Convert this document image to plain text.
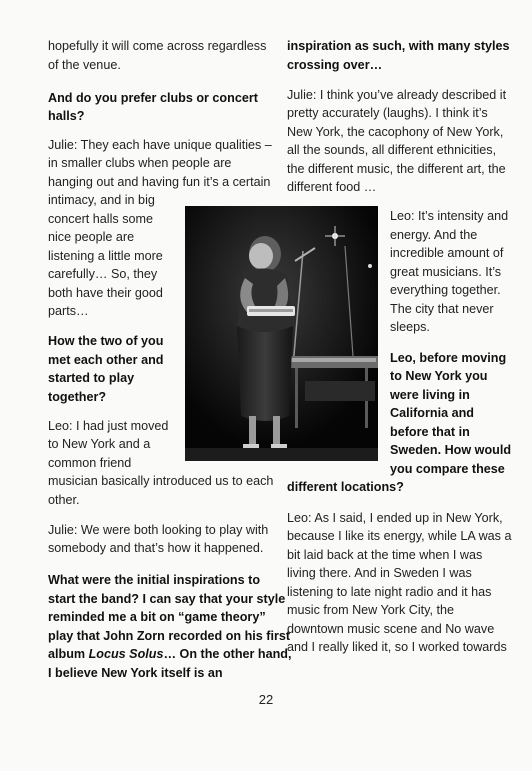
hopefully it will come across regardless
of the venue.
And do you prefer clubs or concert
halls?
Julie: They each have unique qualities –
in smaller clubs when people are
hanging out and having fun it’s a certain
intimacy, and in big
concert halls some
nice people are
listening a little more
carefully… So, they
both have their good
parts…
How the two of you
met each other and
started to play
together?
Leo: I had just moved
to New York and a
common friend
musician basically introduced us to each
other.
Julie: We were both looking to play with
somebody and that’s how it happened.
What were the initial inspirations to
start the band? I can say that your style
reminded me a bit on “game theory”
play that John Zorn recorded on his first
album Locus Solus… On the other hand,
I believe New York itself is an
inspiration as such, with many styles
crossing over…
Julie: I think you’ve already described it
pretty accurately (laughs). I think it’s
New York, the cacophony of New York,
all the sounds, all different ethnicities,
the different music, the different art, the
different food …
Leo: It’s intensity and
energy. And the
incredible amount of
great musicians. It’s
everything together.
The city that never
sleeps.
Leo, before moving
to New York you
were living in
California and
before that in
Sweden. How would
you compare these
different locations?
Leo: As I said, I ended up in New York,
because I like its energy, while LA was a
bit laid back at the time when I was
living there. And in Sweden I was
listening to late night radio and it has
music from New York City, the
downtown music scene and No wave
and I really liked it, so I worked towards
22
